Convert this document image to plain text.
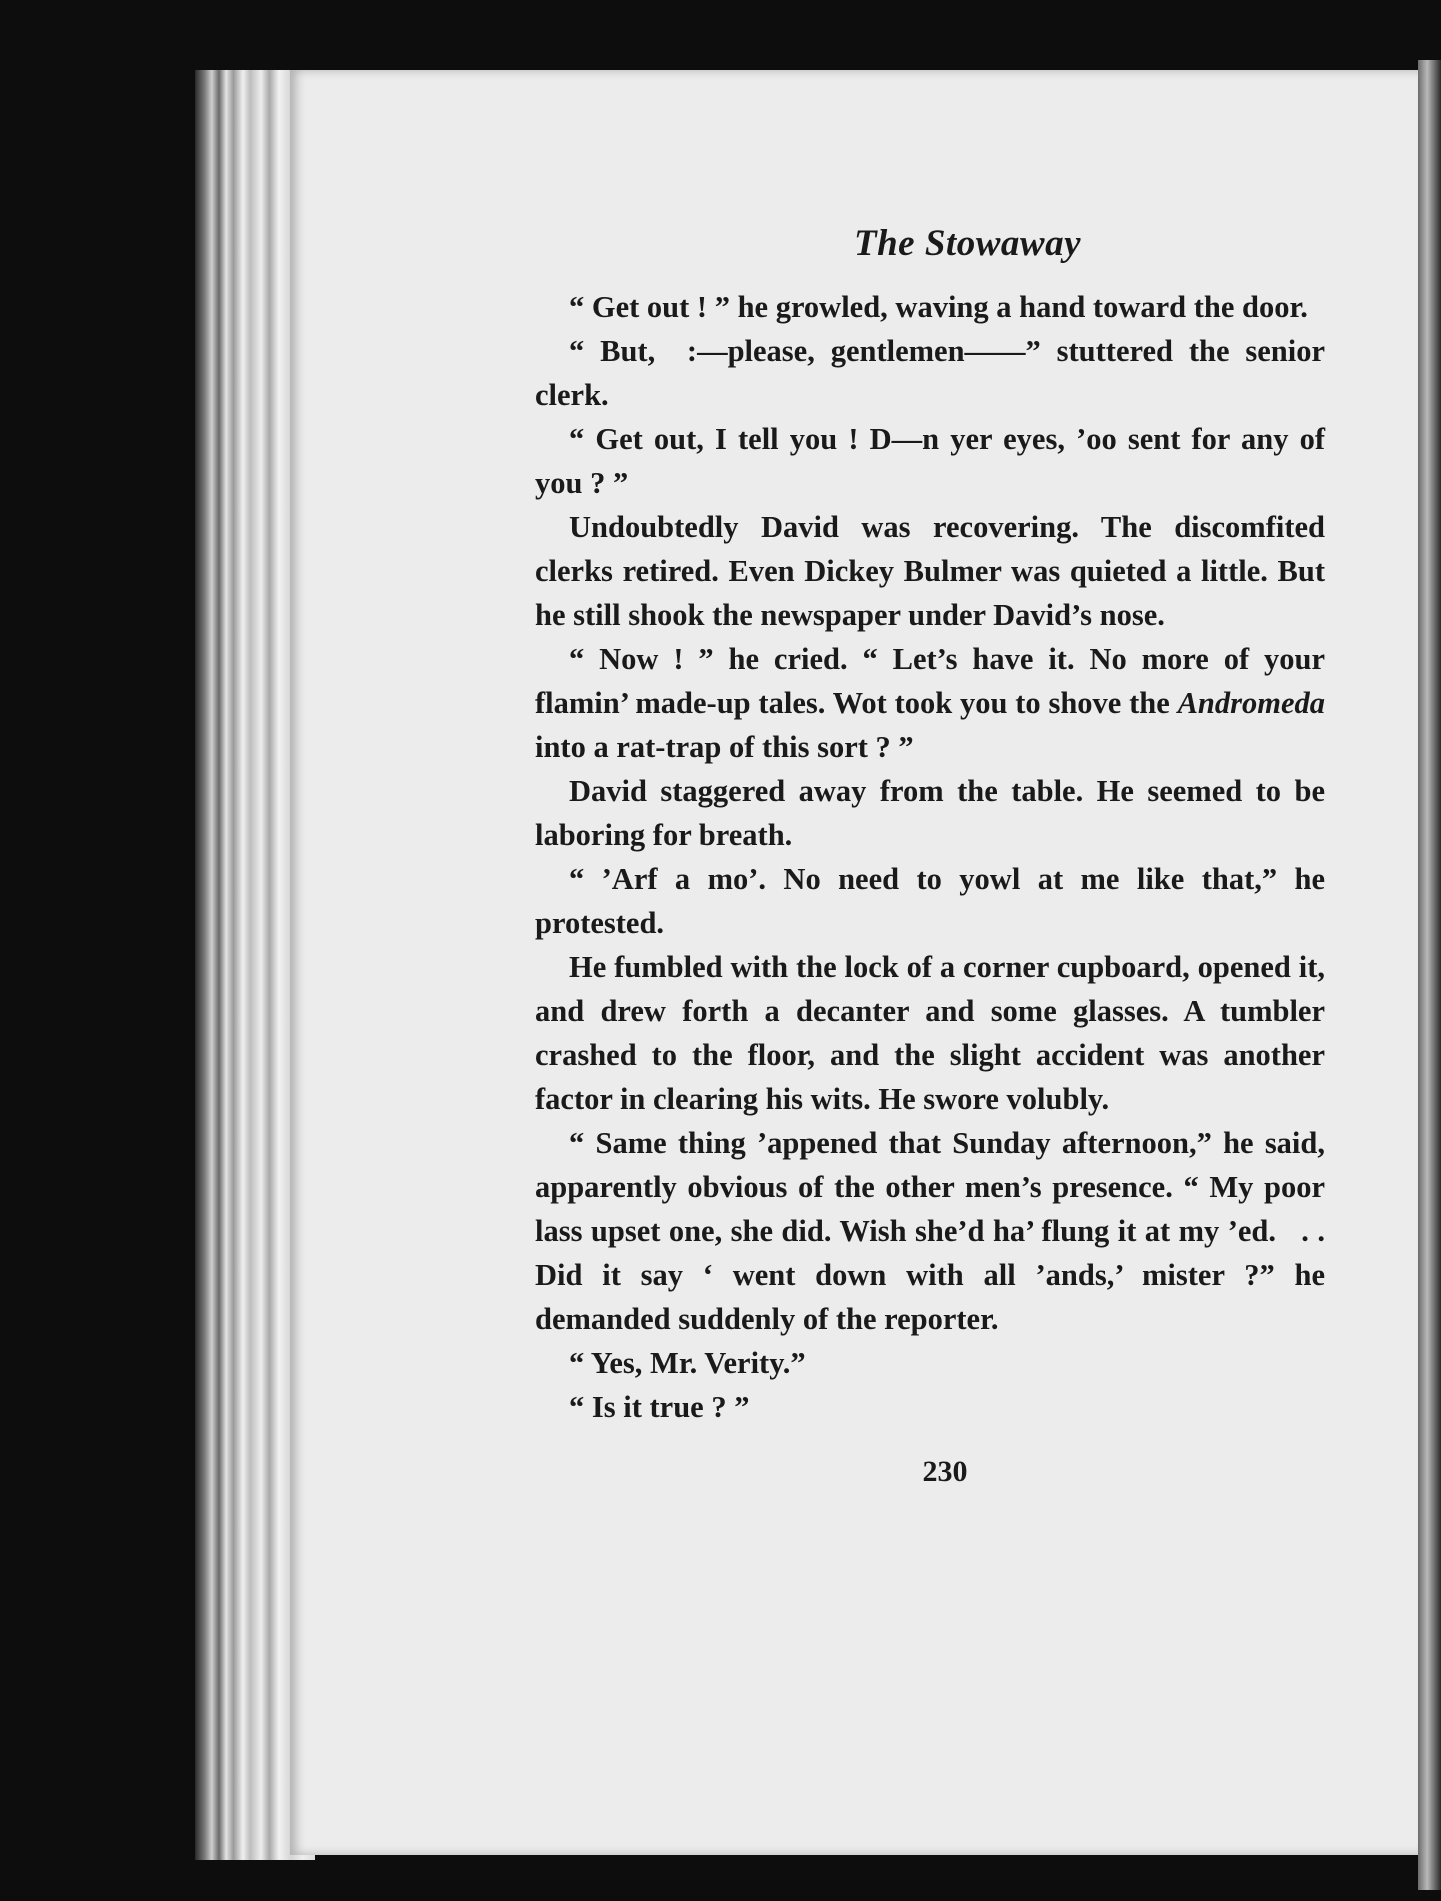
The Stowaway

“ Get out ! ” he growled, waving a hand toward the door.

“ But,  :—please, gentlemen——” stuttered the senior clerk.

“ Get out, I tell you ! D—n yer eyes, ’oo sent for any of you ? ”

Undoubtedly David was recovering. The discomfited clerks retired. Even Dickey Bulmer was quieted a little. But he still shook the newspaper under David’s nose.

“ Now ! ” he cried. “ Let’s have it. No more of your flamin’ made-up tales. Wot took you to shove the Andromeda into a rat-trap of this sort ? ”

David staggered away from the table. He seemed to be laboring for breath.

“ ’Arf a mo’. No need to yowl at me like that,” he protested.

He fumbled with the lock of a corner cupboard, opened it, and drew forth a decanter and some glasses. A tumbler crashed to the floor, and the slight accident was another factor in clearing his wits. He swore volubly.

“ Same thing ’appened that Sunday afternoon,” he said, apparently obvious of the other men’s presence. “ My poor lass upset one, she did. Wish she’d ha’ flung it at my ’ed.   . . Did it say ‘ went down with all ’ands,’ mister ?” he demanded suddenly of the reporter.

“ Yes, Mr. Verity.”

“ Is it true ? ”

230
